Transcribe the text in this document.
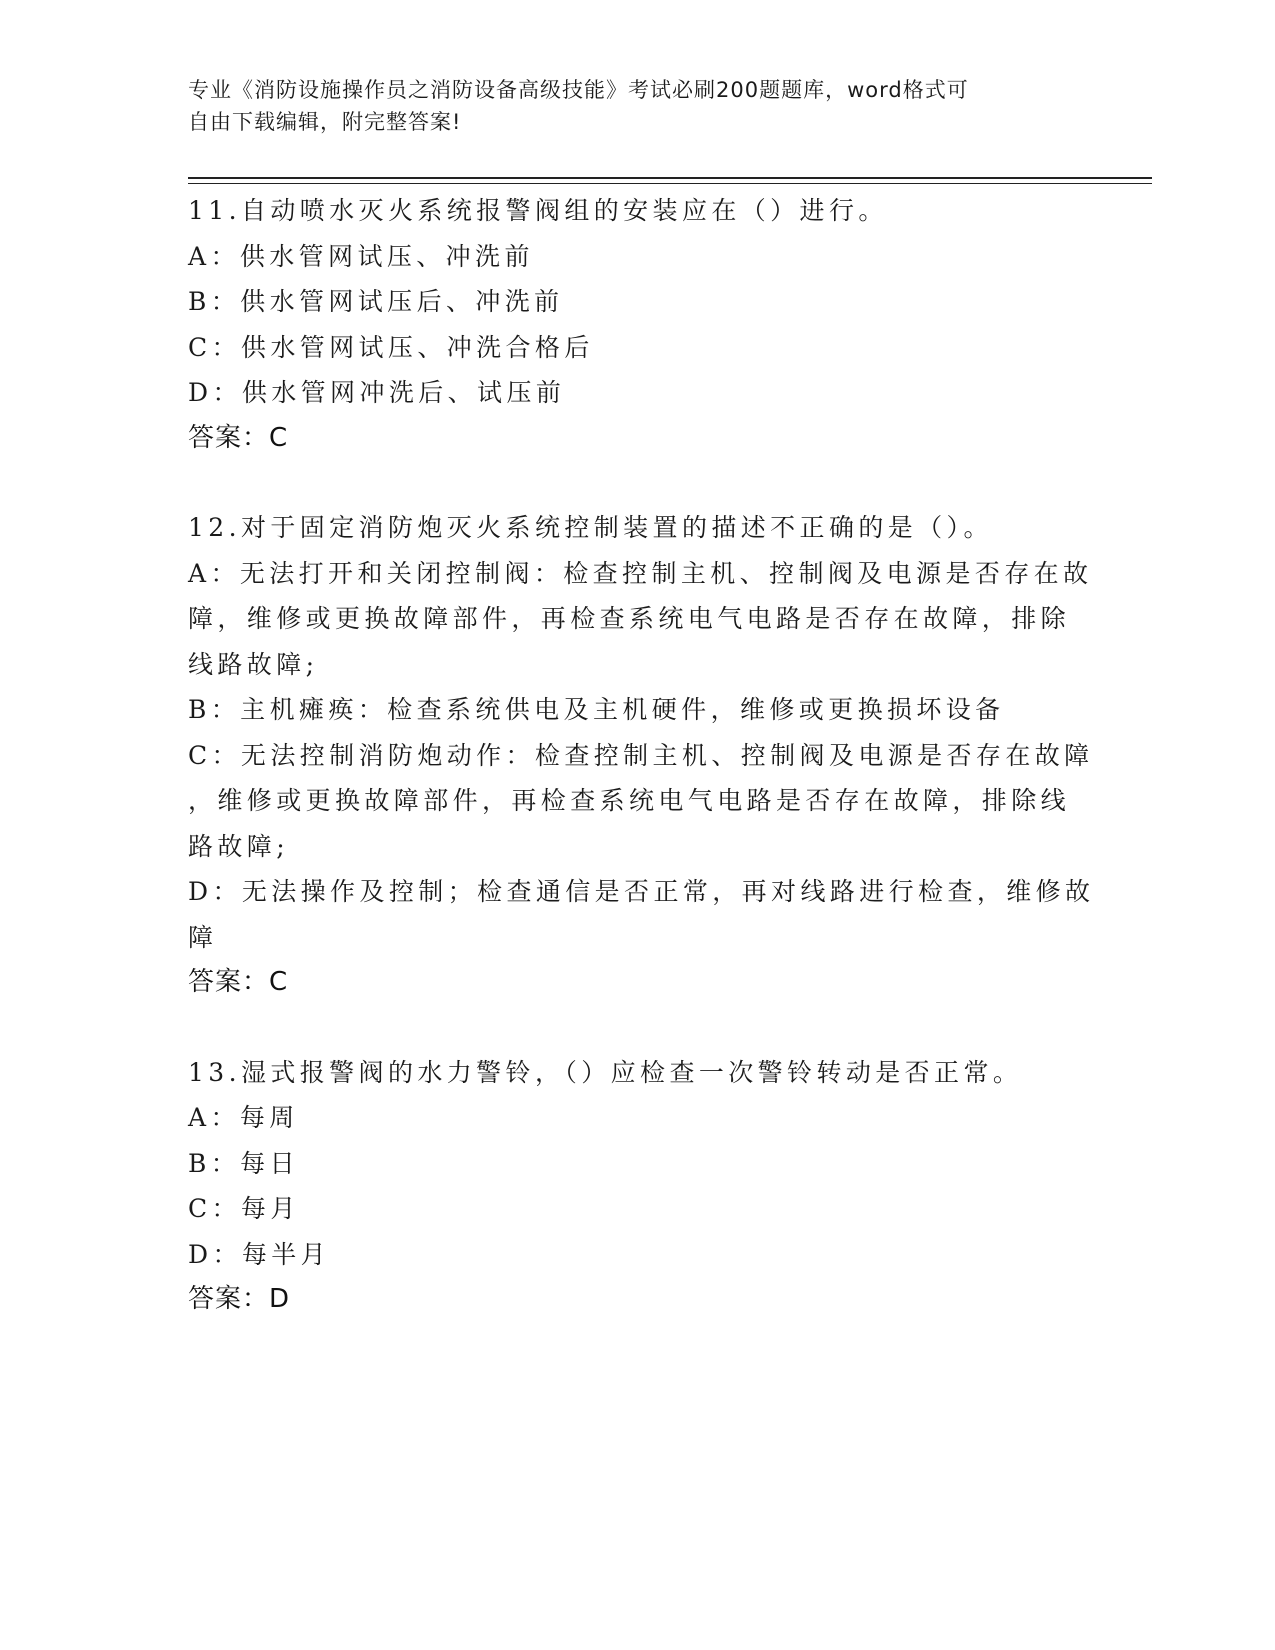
专业《消防设施操作员之消防设备高级技能》考试必刷200题题库，word格式可
自由下载编辑，附完整答案!
11.自动喷水灭火系统报警阀组的安装应在（）进行。
A：供水管网试压、冲洗前
B：供水管网试压后、冲洗前
C：供水管网试压、冲洗合格后
D：供水管网冲洗后、试压前
答案：C
12.对于固定消防炮灭火系统控制装置的描述不正确的是（）。
A：无法打开和关闭控制阀：检查控制主机、控制阀及电源是否存在故
障，维修或更换故障部件，再检查系统电气电路是否存在故障，排除
线路故障;
B：主机瘫痪：检查系统供电及主机硬件，维修或更换损坏设备
C：无法控制消防炮动作：检查控制主机、控制阀及电源是否存在故障
，维修或更换故障部件，再检查系统电气电路是否存在故障，排除线
路故障;
D：无法操作及控制；检查通信是否正常，再对线路进行检查，维修故
障
答案：C
13.湿式报警阀的水力警铃，（）应检查一次警铃转动是否正常。
A：每周
B：每日
C：每月
D：每半月
答案：D
